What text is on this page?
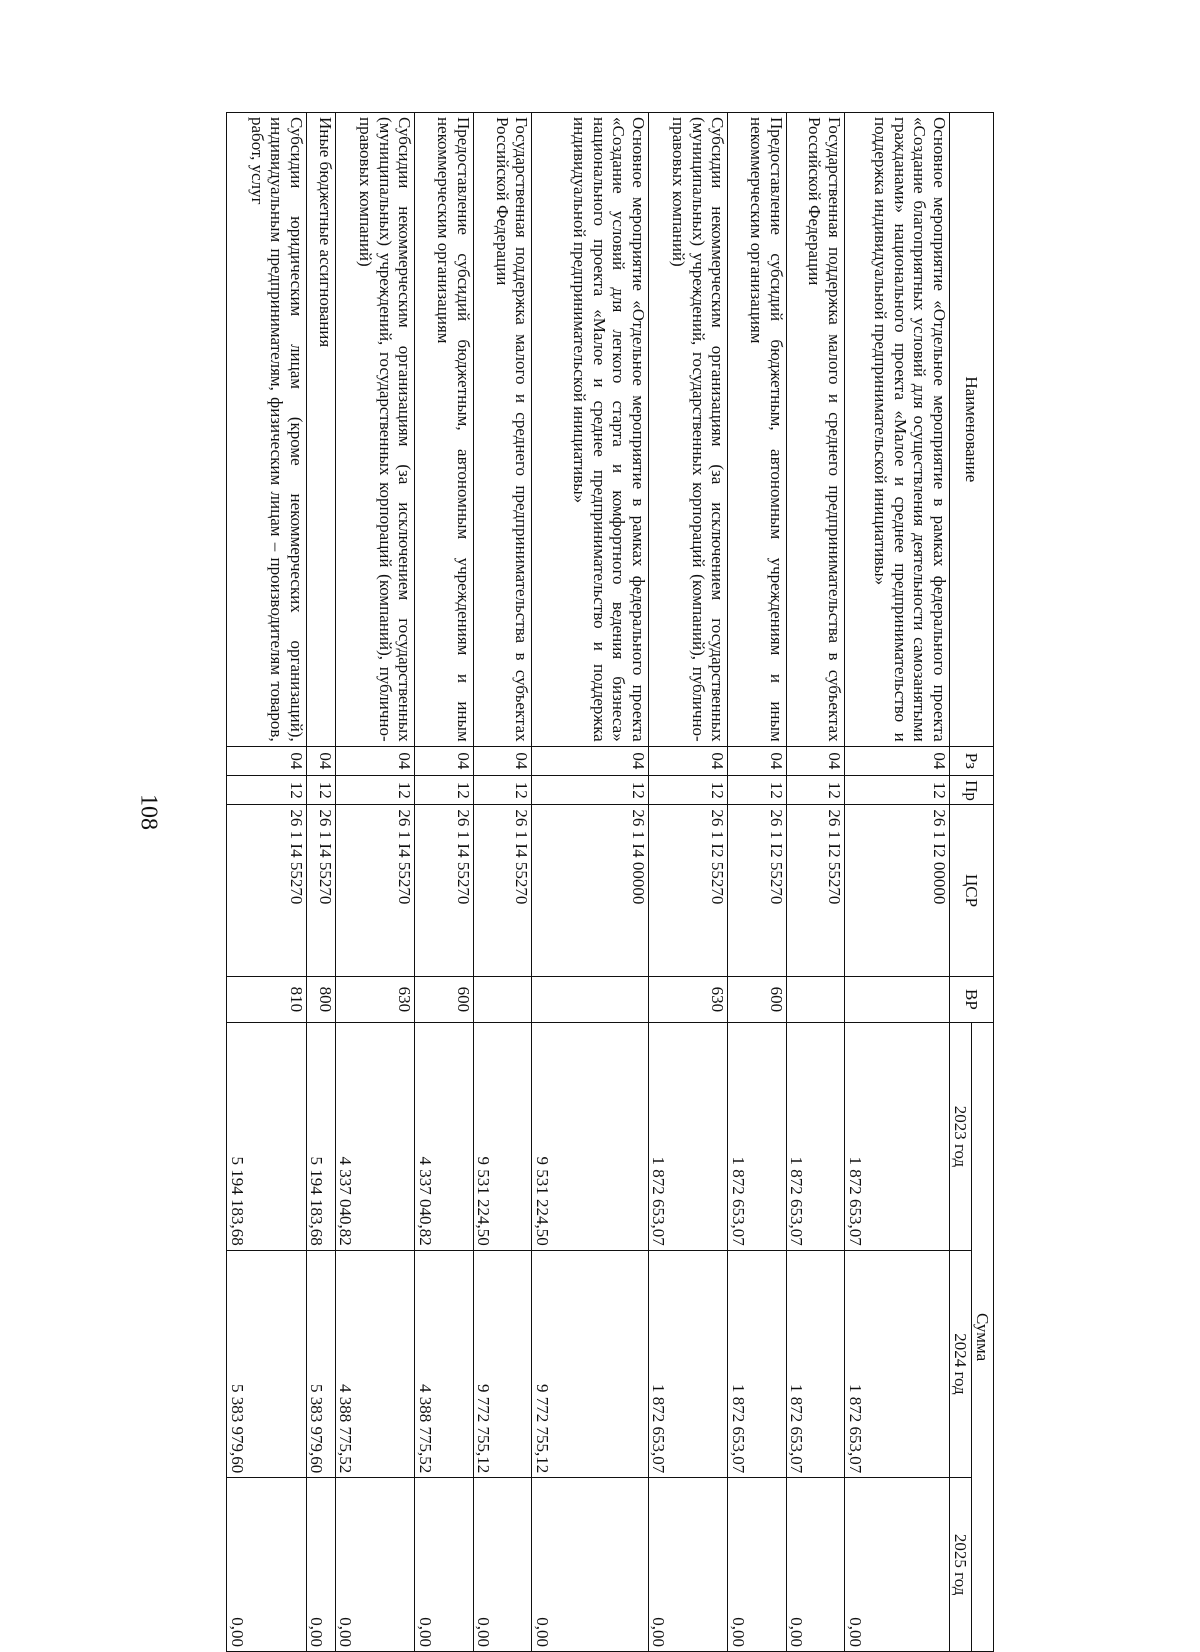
108
Наименование	Рз	Пр	ЦСР	ВР	Сумма		
					2023 год	2024 год	2025 год
Основное мероприятие «Отдельное мероприятие в рамках федерального проекта «Создание благоприятных условий для осуществления деятельности самозанятыми гражданами» национального проекта «Малое и среднее предпринимательство и поддержка индивидуальной предпринимательской инициативы»	04	12	26 1 I2 00000		1 872 653,07	1 872 653,07	0,00
Государственная поддержка малого и среднего предпринимательства в субъектах Российской Федерации	04	12	26 1 I2 55270		1 872 653,07	1 872 653,07	0,00
Предоставление субсидий бюджетным, автономным учреждениям и иным некоммерческим организациям	04	12	26 1 I2 55270	600	1 872 653,07	1 872 653,07	0,00
Субсидии некоммерческим организациям (за исключением государственных (муниципальных) учреждений, государственных корпораций (компаний), публично-правовых компаний)	04	12	26 1 I2 55270	630	1 872 653,07	1 872 653,07	0,00
Основное мероприятие «Отдельное мероприятие в рамках федерального проекта «Создание условий для легкого старта и комфортного ведения бизнеса» национального проекта «Малое и среднее предпринимательство и поддержка индивидуальной предпринимательской инициативы»	04	12	26 1 I4 00000		9 531 224,50	9 772 755,12	0,00
Государственная поддержка малого и среднего предпринимательства в субъектах Российской Федерации	04	12	26 1 I4 55270		9 531 224,50	9 772 755,12	0,00
Предоставление субсидий бюджетным, автономным учреждениям и иным некоммерческим организациям	04	12	26 1 I4 55270	600	4 337 040,82	4 388 775,52	0,00
Субсидии некоммерческим организациям (за исключением государственных (муниципальных) учреждений, государственных корпораций (компаний), публично-правовых компаний)	04	12	26 1 I4 55270	630	4 337 040,82	4 388 775,52	0,00
Иные бюджетные ассигнования	04	12	26 1 I4 55270	800	5 194 183,68	5 383 979,60	0,00
Субсидии юридическим лицам (кроме некоммерческих организаций), индивидуальным предпринимателям, физическим лицам – производителям товаров, работ, услуг	04	12	26 1 I4 55270	810	5 194 183,68	5 383 979,60	0,00
